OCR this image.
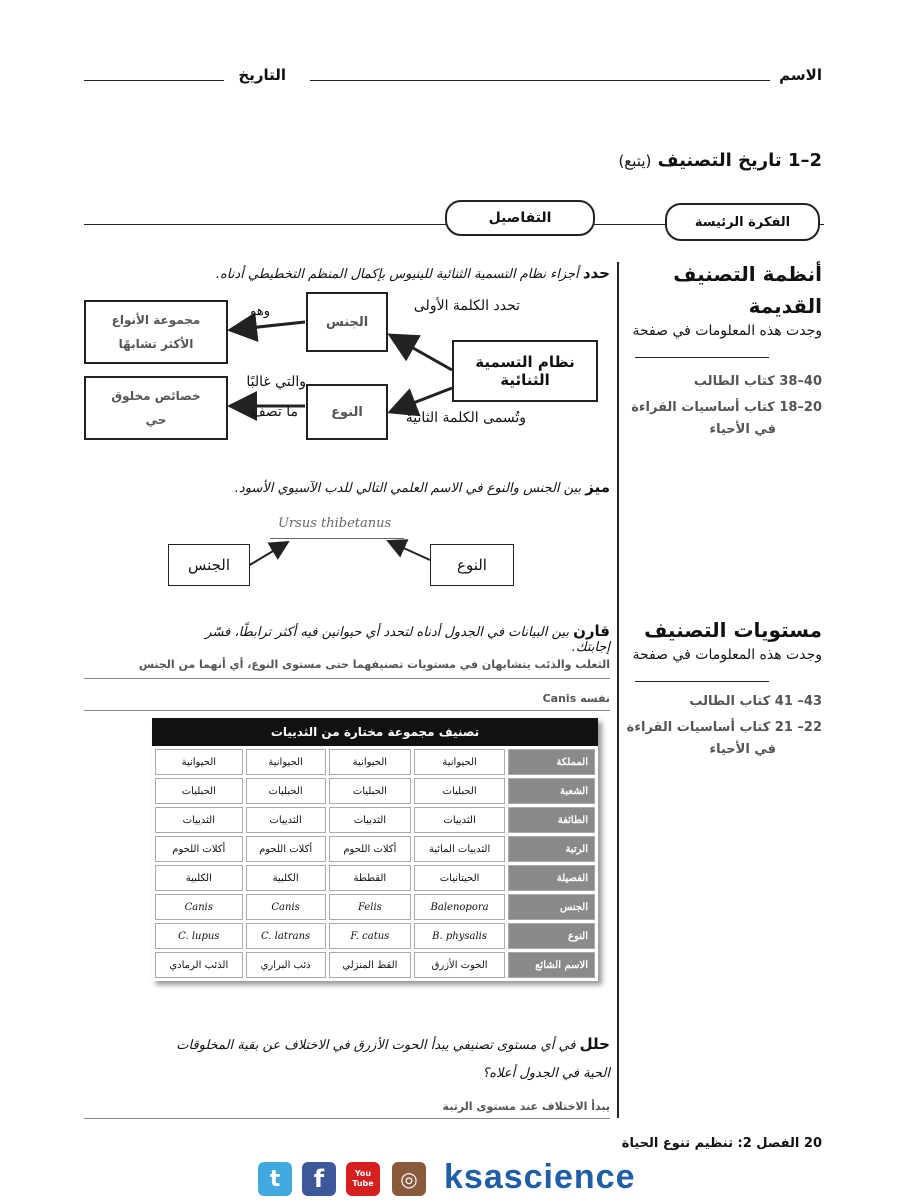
الاسم
التاريخ
2–1 تاريخ التصنيف (يتبع)
الفكرة الرئيسة
التفاصيل
أنظمة التصنيف
القديمة
وجدت هذه المعلومات في صفحة
40–38 كتاب الطالب
20–18 كتاب أساسيات القراءة
في الأحياء
مستويات التصنيف
وجدت هذه المعلومات في صفحة
43– 41 كتاب الطالب
22– 21 كتاب أساسيات القراءة
في الأحياء
حدد أجزاء نظام التسمية الثنائية للينيوس بإكمال المنظم التخطيطي أدناه.
نظام التسمية الثنائية
الجنس
النوع
مجموعة الأنواع
الأكثر تشابهًا
خصائص مخلوق
حي
تحدد الكلمة الأولى
وتُسمى الكلمة الثانية
وهو
والتي غالبًا
ما تصف
ميز بين الجنس والنوع في الاسم العلمي التالي للدب الآسيوي الأسود.
Ursus thibetanus
الجنس	النوع
قارن بين البيانات في الجدول أدناه لتحدد أي حيوانين فيه أكثر ترابطًا، فسّر إجابتك.
الثعلب والذئب يتشابهان في مستويات تصنيفهما حتى مستوى النوع، أي أنهما من الجنس
نفسه Canis
تصنيف مجموعة مختارة من الثدييات
المملكة	الحيوانية	الحيوانية	الحيوانية	الحيوانية
الشعبة	الحبليات	الحبليات	الحبليات	الحبليات
الطائفة	الثدييات	الثدييات	الثدييات	الثدييات
الرتبة	الثدييات المائية	أكلات اللحوم	أكلات اللحوم	أكلات اللحوم
الفصيلة	الحيتانيات	القططة	الكلبية	الكلبية
الجنس	Balenopora	Felis	Canis	Canis
النوع	B. physalis	F. catus	C. latrans	C. lupus
الاسم الشائع	الحوت الأزرق	القط المنزلي	ذئب البراري	الذئب الرمادي
حلل في أي مستوى تصنيفي يبدأ الحوت الأزرق في الاختلاف عن بقية المخلوقات
الحية في الجدول أعلاه؟
يبدأ الاختلاف عند مستوى الرتبة
20 الفصل 2: تنظيم تنوع الحياة
t	f	You Tube	◎ ksascience
